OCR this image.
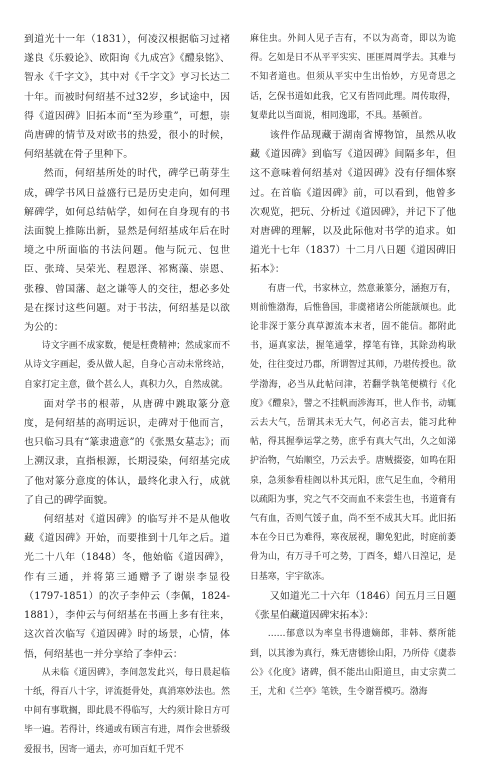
到道光十一年（1831），何凌汉根据临习过褚遂良《乐毅论》、欧阳询《九成宫》《醴泉铭》、智永《千字文》，其中对《千字文》亨习长达二十年。而被时何绍基不过32岁，乡试途中，因得《道因碑》旧拓本而“至为珍重”，可想，崇尚唐碑的情节及对欧书的热爱，很小的时候，何绍基就在骨子里种下。

然而，何绍基所处的时代，碑学已萌芽生成，碑学书风日益盛行已是历史走向，如何理解碑学，如何总结帖学，如何在自身现有的书法面貌上推陈出新，显然是何绍基成年后在时境之中所面临的书法问题。他与阮元、包世臣、张琦、吴荣光、程恩泽、祁寯藻、崇恩、张穆、曾国藩、赵之谦等人的交往，想必多处是在探讨这些问题。对于书法，何绍基是以欲为公的：

诗文字画不成家数，便是枉费精神；然成家而不从诗文字画起，委从做人起，自身心言动未常终站，自家打定主意，做个甚么人，真积力久，自然成就。

面对学书的根蒂，从唐碑中跳取篆分意度，是何绍基的高明远识，走碑对于他而言，也只临习具有“篆隶遗意”的《张黑女墓志》；而上溯汉隶，直指根源，长期浸染，何绍基完成了他对篆分意度的体认，最终化隶入行，成就了自己的碑学面貌。

何绍基对《道因碑》的临写并不是从他收藏《道因碑》开始，而要推到十几年之后。道光二十八年（1848）冬，他始临《道因碑》，作有三通，并将第三通赠予了谢崇李显役（1797-1851）的次子李仲云（李佩，1824-1881），李仲云与何绍基在书画上多有往来，这次首次临写《道因碑》时的场景，心情，体悟，何绍基也一并分享给了李仲云：

从未临《道因碑》，李间忽发此兴，每日晨起临十纸，得百八十字，评流挺骨处，真消寒妙法也。然中间有事耽搁，即此晨不得临写，大约须计除日方可毕一遍。若得计，终通或有顾言有进，周作会世骄级爱报书，因寄一通去，亦可加百虹千咒不

麻住虫。外间人见子吉有，不以为高奇，即以为诡得。乞如是日不从平平实实、匪匪周周学去。其难与不知者道也。但须从平实中生出怡妙，方见奇思之话，乞保书道如此我，它又有皆同此理。周传取得，复辈此以当面说，相同逸耶，不具。基顿首。

该件作品现藏于湖南省博物馆，虽然从收藏《道因碑》到临写《道因碑》间隔多年，但这不意味着何绍基对《道因碑》没有仔细体察过。在首临《道因碑》前，可以看到，他曾多次观览，把玩、分析过《道因碑》，并记下了他对唐碑的理解，以及此际他对书学的追求。如道光十七年（1837）十二月八日题《道因碑旧拓本》：

有唐一代，书家林立，然意兼篆分，涵抱万有，则前惟渤海，后惟鲁国，非虞褚诸公所能颉颃也。此论非深于篆分真草源流本末者，固不能信。都附此书，逼真家法，握笔通掌，撑笔有锋，其除劲构耿处，往往变过乃郡，所谓智过其师，乃堪传授也。欲学渤海，必当从此帖问津，若翻学執笔便横行《化度》《醴泉》，譬之不挂帆而渉海耳，世人作书，动辄云去大气，岳谓其未无大气，何必言去，能习此种帖，得其握拳运掌之势，庶乎有真大气出，久之如涕护治物，气始顺空，乃云去乎。唐贼掇姿，如鸣在阳泉，急须参看桂阁以朴其元阳，庶气足生血，令稍用以疏阳为事，究之气不交而血不来尝生也，书道膏有气有血，否则气馁子血，尚不至不成其大耳。此旧拓本在今日已为难得，寒夜展视，聊免犯此，时庭前萎骨为山，有万寻千可之势，丁酉冬，蜡八日湟记，是日基寒，宇宇欲冻。

又如道光二十六年（1846）闰五月三日题《张星伯藏道因碑宋拓本》：

……郁意以为率皇书得遗嫡郎，非韩、蔡所能到，以其渗为真行，殊无唐德徐山阳，乃所侍《虞恭公》《化度》诸碑，俱不能出山阳道旦，由丈宗黄二王，尤和《兰亭》笔铁，生令谢晋模巧。渤海
